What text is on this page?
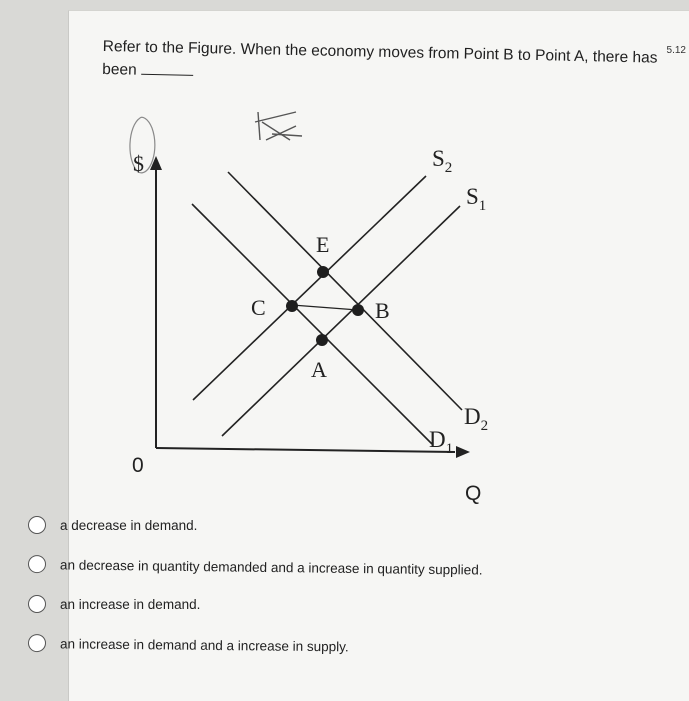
5.12
Refer to the Figure. When the economy moves from Point B to Point A, there has been
$
0
Q
$S_2$
$S_1$
$D_2$
$D_1$
E
C	B
A
a decrease in demand.
an decrease in quantity demanded and a increase in quantity supplied.
an increase in demand.
an increase in demand and a increase in supply.
